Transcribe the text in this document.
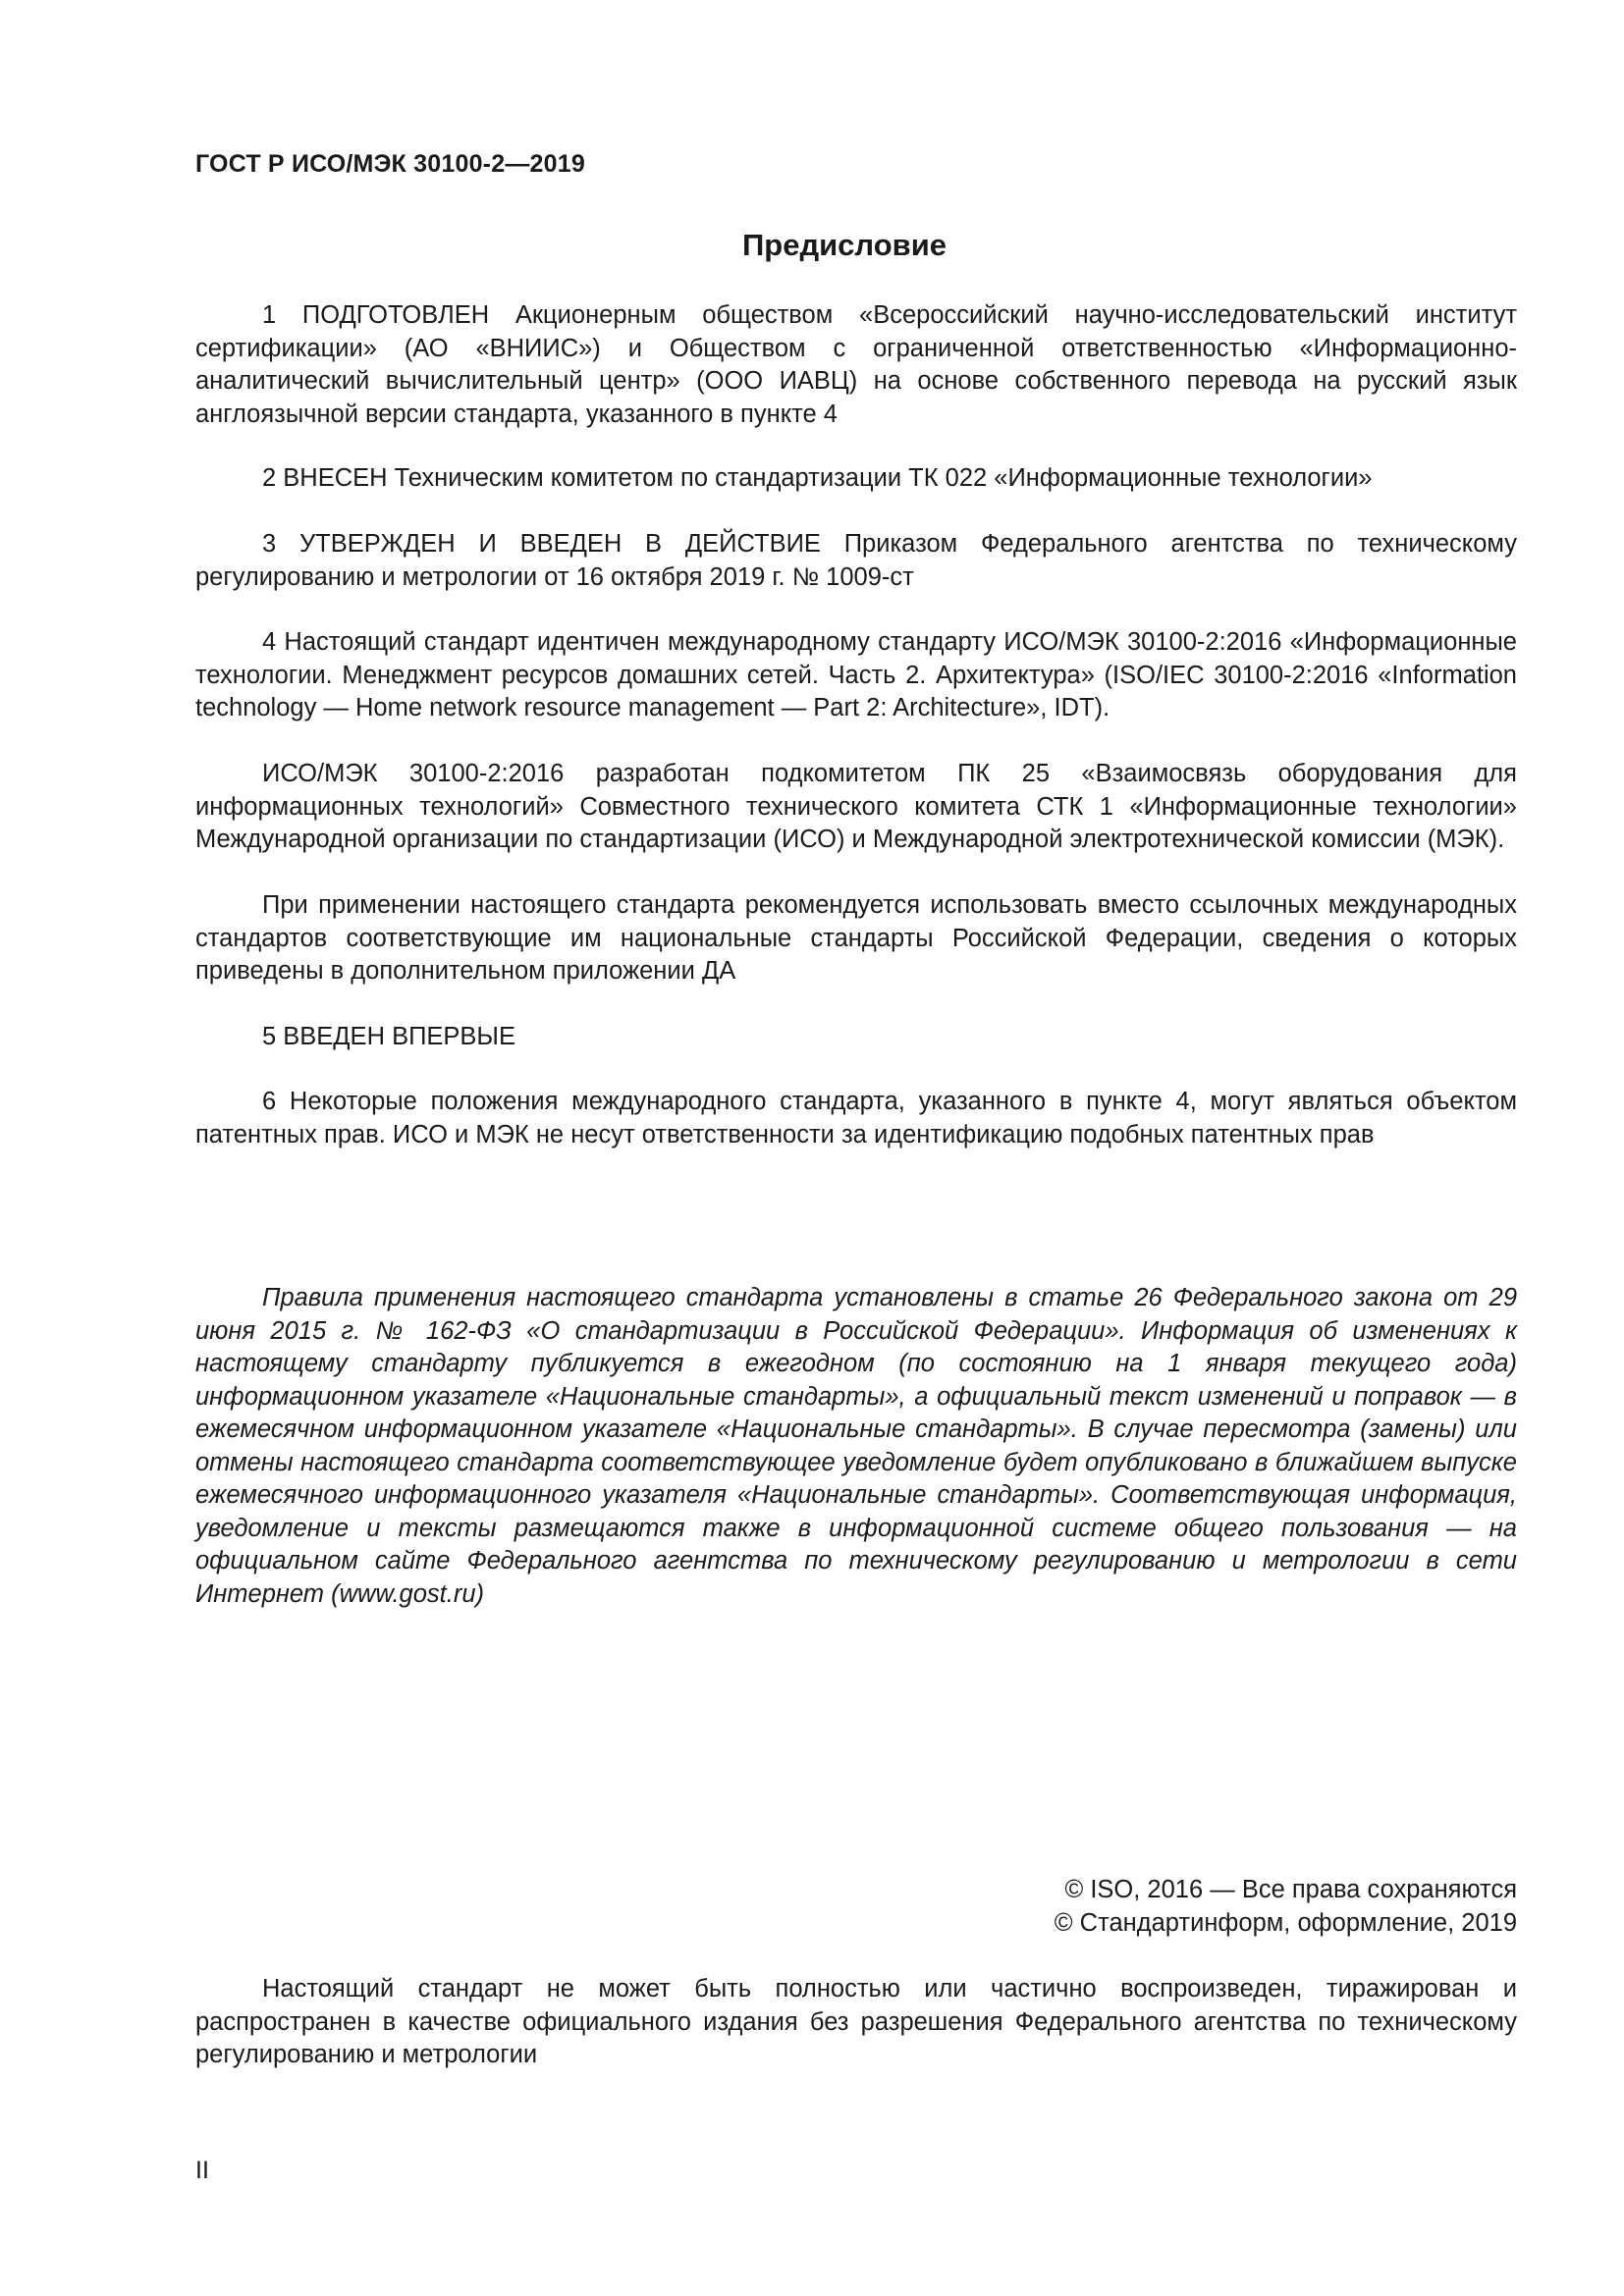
ГОСТ Р ИСО/МЭК 30100-2—2019
Предисловие

1 ПОДГОТОВЛЕН Акционерным обществом «Всероссийский научно-исследовательский институт сертификации» (АО «ВНИИС») и Обществом с ограниченной ответственностью «Информационно-аналитический вычислительный центр» (ООО ИАВЦ) на основе собственного перевода на русский язык англоязычной версии стандарта, указанного в пункте 4

2 ВНЕСЕН Техническим комитетом по стандартизации ТК 022 «Информационные технологии»

3 УТВЕРЖДЕН И ВВЕДЕН В ДЕЙСТВИЕ Приказом Федерального агентства по техническому регулированию и метрологии от 16 октября 2019 г. № 1009-ст

4 Настоящий стандарт идентичен международному стандарту ИСО/МЭК 30100-2:2016 «Информационные технологии. Менеджмент ресурсов домашних сетей. Часть 2. Архитектура» (ISO/IEC 30100-2:2016 «Information technology — Home network resource management — Part 2: Architecture», IDT).

ИСО/МЭК 30100-2:2016 разработан подкомитетом ПК 25 «Взаимосвязь оборудования для информационных технологий» Совместного технического комитета СТК 1 «Информационные технологии» Международной организации по стандартизации (ИСО) и Международной электротехнической комиссии (МЭК).

При применении настоящего стандарта рекомендуется использовать вместо ссылочных международных стандартов соответствующие им национальные стандарты Российской Федерации, сведения о которых приведены в дополнительном приложении ДА

5 ВВЕДЕН ВПЕРВЫЕ

6 Некоторые положения международного стандарта, указанного в пункте 4, могут являться объектом патентных прав. ИСО и МЭК не несут ответственности за идентификацию подобных патентных прав

Правила применения настоящего стандарта установлены в статье 26 Федерального закона от 29 июня 2015 г. № 162-ФЗ «О стандартизации в Российской Федерации». Информация об изменениях к настоящему стандарту публикуется в ежегодном (по состоянию на 1 января текущего года) информационном указателе «Национальные стандарты», а официальный текст изменений и поправок — в ежемесячном информационном указателе «Национальные стандарты». В случае пересмотра (замены) или отмены настоящего стандарта соответствующее уведомление будет опубликовано в ближайшем выпуске ежемесячного информационного указателя «Национальные стандарты». Соответствующая информация, уведомление и тексты размещаются также в информационной системе общего пользования — на официальном сайте Федерального агентства по техническому регулированию и метрологии в сети Интернет (www.gost.ru)

© ISO, 2016 — Все права сохраняются
© Стандартинформ, оформление, 2019

Настоящий стандарт не может быть полностью или частично воспроизведен, тиражирован и распространен в качестве официального издания без разрешения Федерального агентства по техническому регулированию и метрологии

II
